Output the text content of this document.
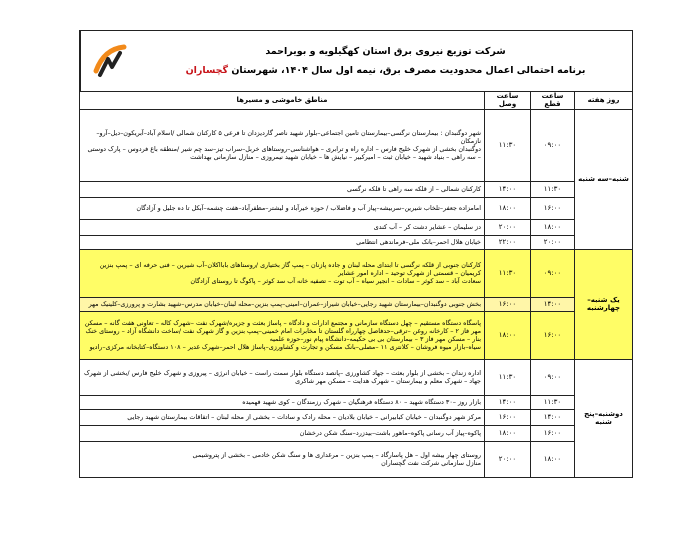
شرکت توزیع نیروی برق استان کهگیلویه و بویراحمد
برنامه احتمالی اعمال محدودیت مصرف برق، نیمه اول سال ۱۴۰۴، شهرستان گچساران
روز هفته	ساعت قطع	ساعت وصل	مناطق خاموشی و مسیرها
شنبه–سه شنبه	۰۹:۰۰	۱۱:۳۰	شهر دوگنبدان : بیمارستان نرگسی–بیمارستان تامین اجتماعی–بلوار شهید ناصر گاردیزدان تا فرعی ۵ کارکنان شمالی /اسلام آباد–آبریکون–دیل–آرو–نازمکان
دوگنبدان بخشی از شهرک خلیج فارس – اداره راه و ترابری – هواشناسی–روستاهای خربل–سراب تیز–سد چم شیر /منطقه باغ فردوس – پارک دوستی – سه راهی – بنیاد شهید – خیابان ثبت – امیرکبیر – نیایش ها – خیابان شهید نیمروزی – منازل سازمانی بهداشت
	۱۱:۳۰	۱۴:۰۰	کارکنان شمالی – از قلکه سه راهی تا قلکه نرگسی
	۱۶:۰۰	۱۸:۰۰	امامزاده جعفر–تلخاب شیرین–سربیشه–پیاز آب و فاضلاب / حوزه خیرآباد و لیشتر–مظفرآباد–هفت چشمه–آبکل تا ده جلیل و آزادگان
	۱۸:۰۰	۲۰:۰۰	دز سلیمان – عشایر دشت کر – آب کندی
	۲۰:۰۰	۲۲:۰۰	خیابان هلال احمر–بانک ملی–فرماندهی انتظامی
یک شنبه–چهارشنبه	۰۹:۰۰	۱۱:۳۰	کارکنان جنوبی از قلکه نرگسی تا ابتدای محله لبنان و جاده پازنان – پمپ گاز بختیاری /روستاهای بابااکلان–آب شیرین – فنی حرفه ای – پمپ بنزین کریمیان – قسمتی از شهرک توحید – اداره امور عشایر
سعادت آباد – سد کوثر – سادات – انجیر سیاه – آب توت – تصفیه خانه آب سد کوثر – پاکوگ تا روستای آزادگان
	۱۴:۰۰	۱۶:۰۰	بخش جنوبی دوگنبدان–بیمارستان شهید رجایی–خیابان شیراز–عمران–امینی–پمپ بنزین–محله لبنان–خیابان مدرس–شهید بشارت و پرورزی–کلینیک مهر
	۱۶:۰۰	۱۸:۰۰	پاسگاه دستگاه مستقیم – چهل دستگاه سازمانی و مجتمع ادارات و دادگاه – پاساژ بعثت و جزیره/شهرک نفت –شهرک کاله – تعاونی هفت گانه – مسکن مهر فاز ۲ – کارخانه روغن –ترقی–حدفاصل چهارراه گلستان تا مخابرات امام خمینی–پمپ بنزین و گاز شهرک نفت /ساخت دانشگاه آزاد – روستای خنک بنار – مسکن مهر فاز ۳ – بیمارستان بی بی حکیمه–دانشگاه پیام نور–حوزه علمیه
سیاه–بازار میوه فروشان – کلانتری ۱۱ –مصلی–بانک مسکن و تجارت و کشاورزی–پاساژ هلال احمر–شهرک غدیر – ۱۰۸ دستگاه–کتابخانه مرکزی–رادیو
دوشنبه–پنج شنبه	۰۹:۰۰	۱۱:۳۰	اداره زندان – بخشی از بلوار بعثت – جهاد کشاورزی –پانصد دستگاه بلوار سمت راست – خیابان انرژی – پیروزی و شهرک خلیج فارس /بخشی از شهرک جهاد – شهرک معلم و بیمارستان – شهرک هدایت – مسکن مهر شاکری
	۱۱:۳۰	۱۴:۰۰	بازار روز –۳۰ دستگاه شهید – ۸۰ دستگاه فرهنگیان – شهرک رزمندگان – کوی شهید فهمیده
	۱۴:۰۰	۱۶:۰۰	مرکز شهر دوگنبدان – خیابان کبابیرانی – خیابان بلادیان – محله رادک و سادات – بخشی از محله لبنان – اتفاقات بیمارستان شهید رجایی
	۱۶:۰۰	۱۸:۰۰	پاکوه–پیاز آب رسانی پاکوه–ماهور باشت–بیدزرد–سنگ شکن درخشان
	۱۸:۰۰	۲۰:۰۰	روستای چهار بیشه اول – هل پاسارگاد – پمپ بنزین – مرغداری ها و سنگ شکن خادمی – بخشی از پتروشیمی
منازل سازمانی شرکت نفت گچساران
